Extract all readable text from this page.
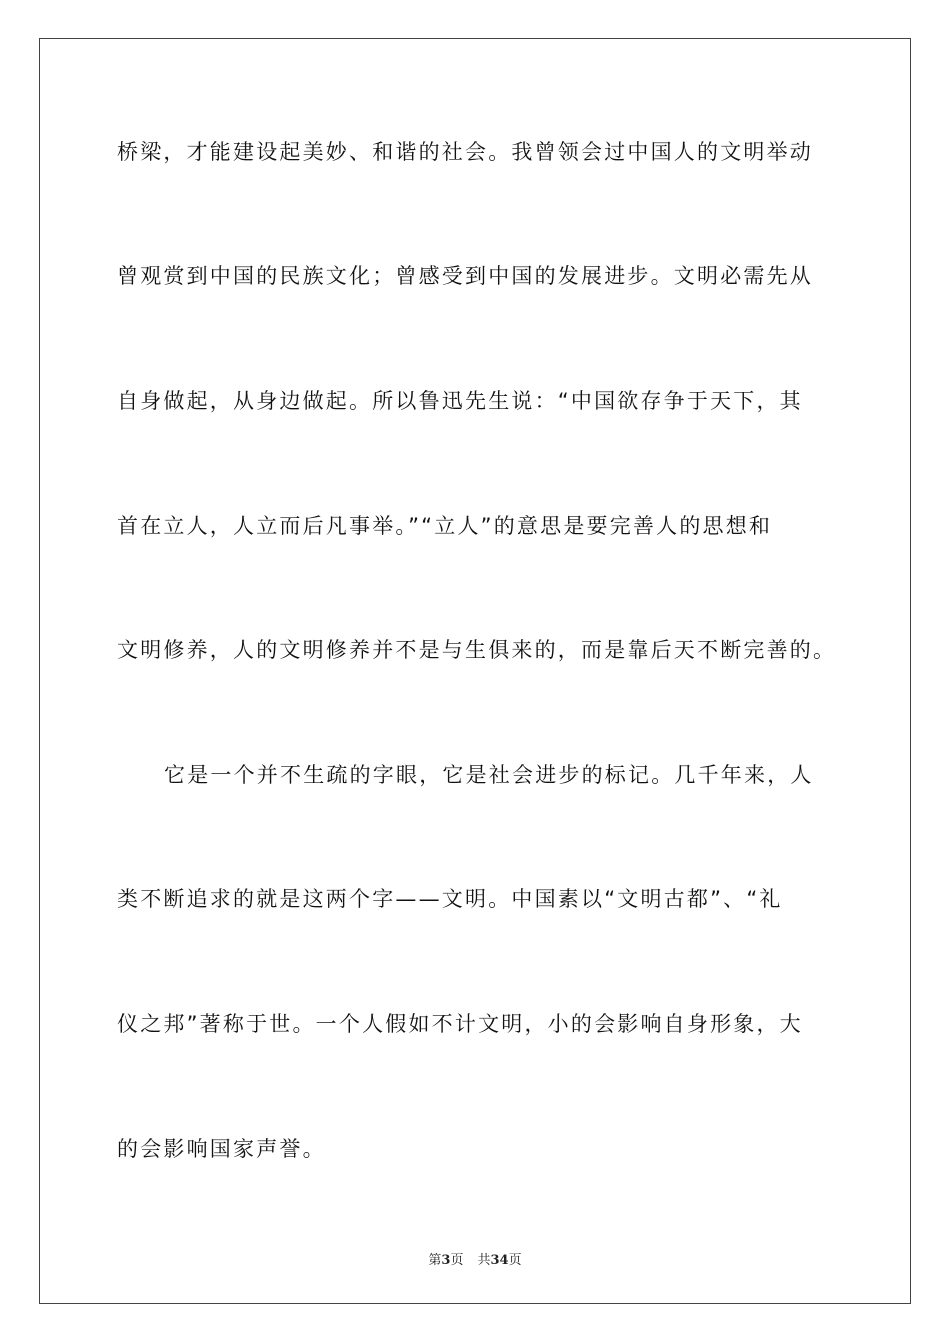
桥梁，才能建设起美妙、和谐的社会。我曾领会过中国人的文明举动
曾观赏到中国的民族文化；曾感受到中国的发展进步。文明必需先从
自身做起，从身边做起。所以鲁迅先生说：“中国欲存争于天下，其
首在立人，人立而后凡事举。”“立人”的意思是要完善人的思想和
文明修养，人的文明修养并不是与生俱来的，而是靠后天不断完善的。
它是一个并不生疏的字眼，它是社会进步的标记。几千年来，人
类不断追求的就是这两个字——文明。中国素以“文明古都”、“礼
仪之邦”著称于世。一个人假如不计文明，小的会影响自身形象，大
的会影响国家声誉。
第3页 共34页
